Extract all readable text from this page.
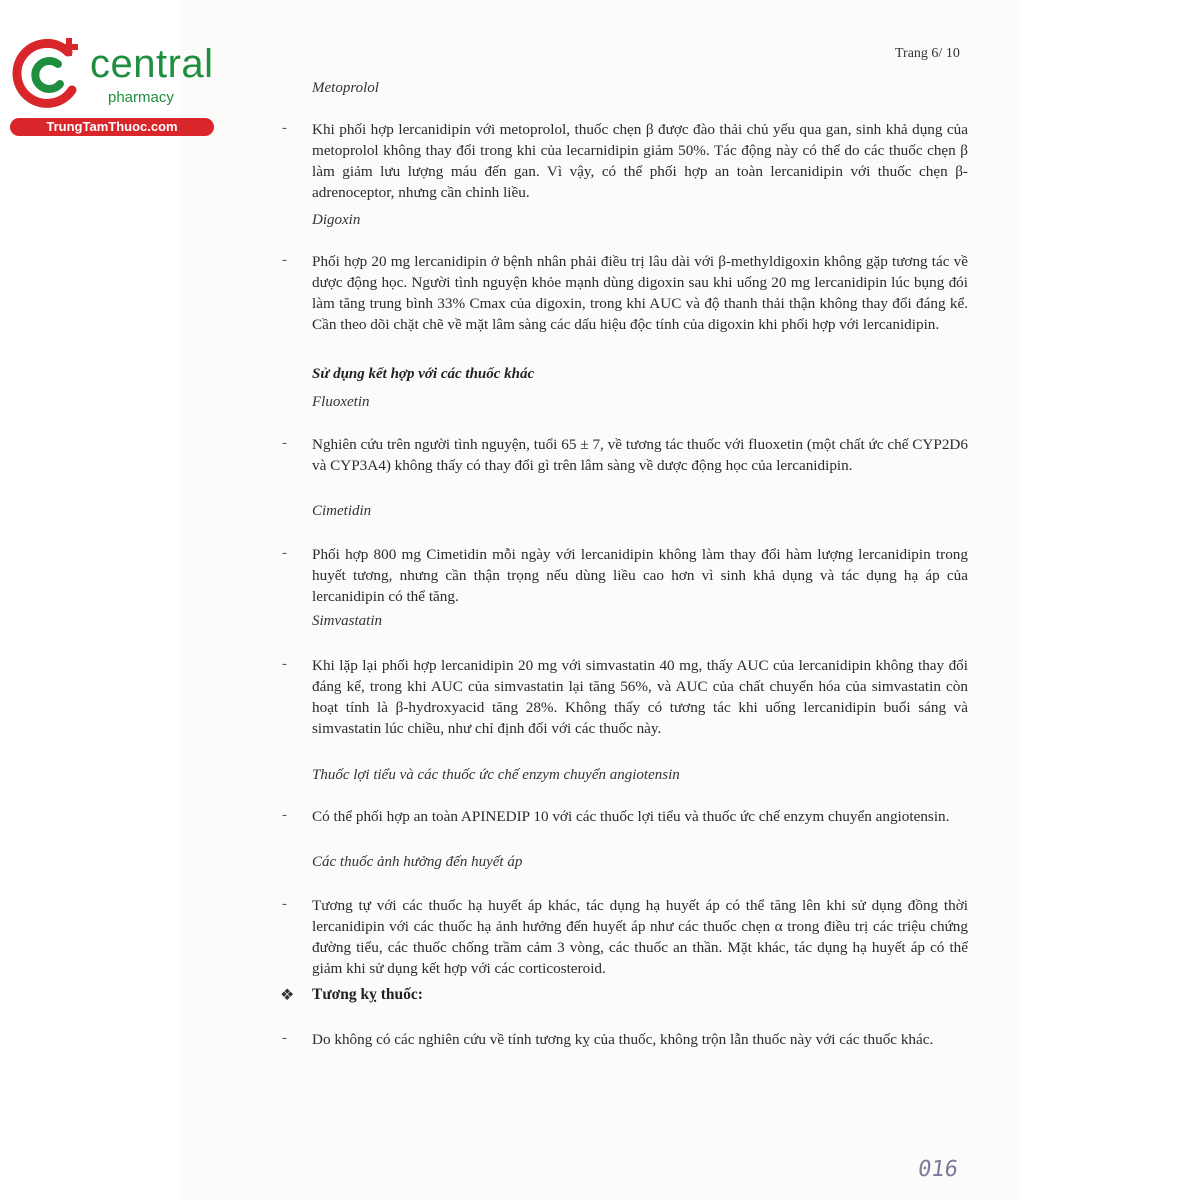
central
pharmacy
TrungTamThuoc.com
Trang 6/ 10
Metoprolol
- Khi phối hợp lercanidipin với metoprolol, thuốc chẹn β được đào thải chủ yếu qua gan, sinh khả dụng của metoprolol không thay đổi trong khi của lecarnidipin giảm 50%. Tác động này có thể do các thuốc chẹn β làm giảm lưu lượng máu đến gan. Vì vậy, có thể phối hợp an toàn lercanidipin với thuốc chẹn β-adrenoceptor, nhưng cần chỉnh liều.
Digoxin
- Phối hợp 20 mg lercanidipin ở bệnh nhân phải điều trị lâu dài với β-methyldigoxin không gặp tương tác về dược động học. Người tình nguyện khỏe mạnh dùng digoxin sau khi uống 20 mg lercanidipin lúc bụng đói làm tăng trung bình 33% Cmax của digoxin, trong khi AUC và độ thanh thải thận không thay đổi đáng kể. Cần theo dõi chặt chẽ về mặt lâm sàng các dấu hiệu độc tính của digoxin khi phối hợp với lercanidipin.
Sử dụng kết hợp với các thuốc khác
Fluoxetin
- Nghiên cứu trên người tình nguyện, tuổi 65 ± 7, về tương tác thuốc với fluoxetin (một chất ức chế CYP2D6 và CYP3A4) không thấy có thay đổi gì trên lâm sàng về dược động học của lercanidipin.
Cimetidin
- Phối hợp 800 mg Cimetidin mỗi ngày với lercanidipin không làm thay đổi hàm lượng lercanidipin trong huyết tương, nhưng cần thận trọng nếu dùng liều cao hơn vì sinh khả dụng và tác dụng hạ áp của lercanidipin có thể tăng.
Simvastatin
- Khi lặp lại phối hợp lercanidipin 20 mg với simvastatin 40 mg, thấy AUC của lercanidipin không thay đổi đáng kể, trong khi AUC của simvastatin lại tăng 56%, và AUC của chất chuyển hóa của simvastatin còn hoạt tính là β-hydroxyacid tăng 28%. Không thấy có tương tác khi uống lercanidipin buổi sáng và simvastatin lúc chiều, như chỉ định đối với các thuốc này.
Thuốc lợi tiểu và các thuốc ức chế enzym chuyển angiotensin
- Có thể phối hợp an toàn APINEDIP 10 với các thuốc lợi tiểu và thuốc ức chế enzym chuyển angiotensin.
Các thuốc ảnh hưởng đến huyết áp
- Tương tự với các thuốc hạ huyết áp khác, tác dụng hạ huyết áp có thể tăng lên khi sử dụng đồng thời lercanidipin với các thuốc hạ ảnh hưởng đến huyết áp như các thuốc chẹn α trong điều trị các triệu chứng đường tiểu, các thuốc chống trầm cảm 3 vòng, các thuốc an thần. Mặt khác, tác dụng hạ huyết áp có thể giảm khi sử dụng kết hợp với các corticosteroid.
❖ Tương kỵ thuốc:
- Do không có các nghiên cứu về tính tương kỵ của thuốc, không trộn lẫn thuốc này với các thuốc khác.
016
